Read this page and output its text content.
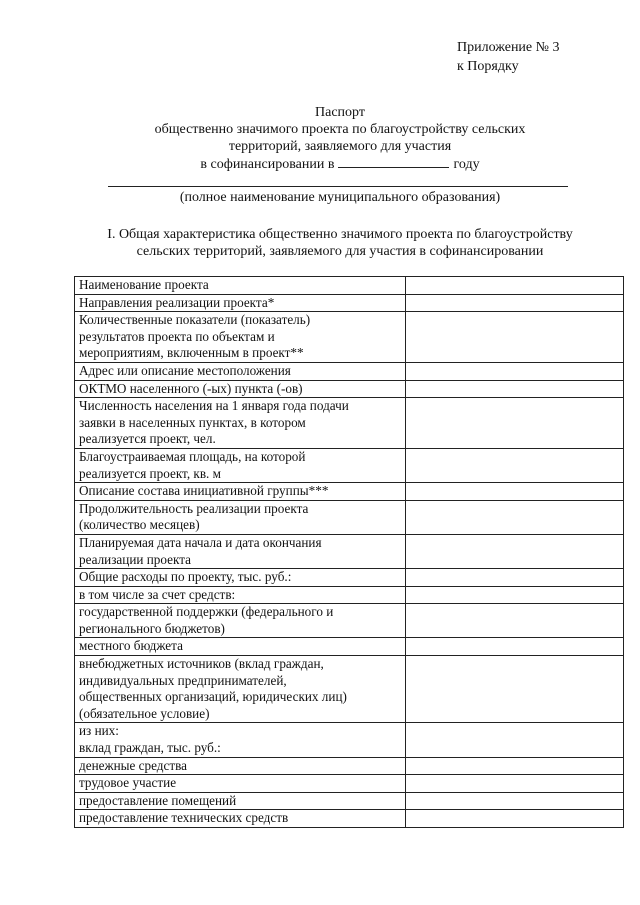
Приложение № 3
к Порядку
Паспорт
общественно значимого проекта по благоустройству сельских
территорий, заявляемого для участия
в софинансировании в	году
(полное наименование муниципального образования)
I. Общая характеристика общественно значимого проекта по благоустройству
сельских территорий, заявляемого для участия в софинансировании
Наименование проекта	

Направления реализации проекта*	

Количественные показатели (показатель)
результатов проекта по объектам и
мероприятиям, включенным в проект**	

Адрес или описание местоположения	

ОКТМО населенного (-ых) пункта (-ов)	

Численность населения на 1 января года подачи
заявки в населенных пунктах, в котором
реализуется проект, чел.	

Благоустраиваемая площадь, на которой
реализуется проект, кв. м	

Описание состава инициативной группы***	

Продолжительность реализации проекта
(количество месяцев)	

Планируемая дата начала и дата окончания
реализации проекта	

Общие расходы по проекту, тыс. руб.:	

в том числе за счет средств:	

государственной поддержки (федерального и
регионального бюджетов)	

местного бюджета	

внебюджетных источников (вклад граждан,
индивидуальных предпринимателей,
общественных организаций, юридических лиц)
(обязательное условие)	

из них:
вклад граждан, тыс. руб.:	

денежные средства	

трудовое участие	

предоставление помещений	

предоставление технических средств	
